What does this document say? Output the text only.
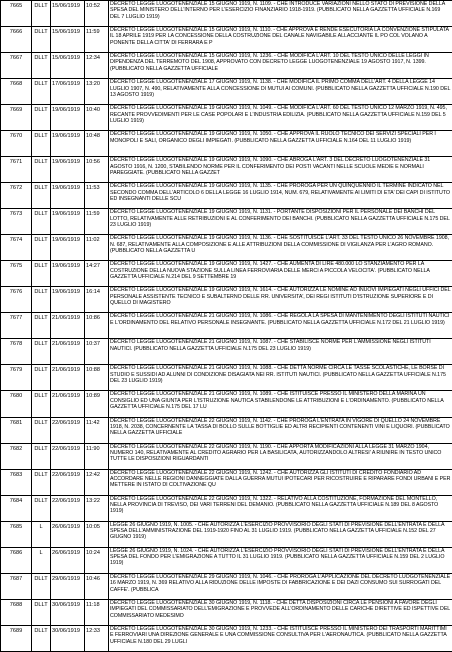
7665	DLLT	15/06/1919	10:52	DECRETO LEGGE LUOGOTENENZIALE 15 GIUGNO 1919, N. 1109. - CHE INTRODUCE VARIAZIONI NELLO STATO DI PREVISIONE DELLA SPESA DEL MINISTERO DELL'INTERNO PER L'ESERCIZIO FINANZIARIO 1918-1919. (PUBBLICATO NELLA GAZZETTA UFFICIALE N.169 DEL 7 LUGLIO 1919)
7666	DLLT	15/06/1919	11:59	DECRETO LEGGE LUOGOTENENZIALE 15 GIUGNO 1919, N. 1110. - CHE APPROVA E RENDE ESECUTORIA LA CONVENZIONE STIPULATA IL 18 APRILE 1919 PER LA CONCESSIONE DELLA COSTRUZIONE DEL CANALE NAVIGABILE ALLACCIANTE IL PO COL VOLANO A PONENTE DELLA CITTA' DI FERRARA E P
7667	DLLT	15/06/1919	12:34	DECRETO LEGGE LUOGOTENENZIALE 15 GIUGNO 1919, N. 1236. - CHE MODIFICA L'ART. 10 DEL TESTO UNICO DELLE LEGGI IN DIPENDENZA DEL TERREMOTO DEL 1908, APPROVATO CON DECRETO LEGGE LUOGOTENENZIALE 19 AGOSTO 1917, N. 1399. (PUBBLICATO NELLA GAZZETTA UFFICIALE
7668	DLLT	17/06/1919	13:20	DECRETO LEGGE LUOGOTENENZIALE 17 GIUGNO 1919, N. 1138. - CHE MODIFICA IL PRIMO COMMA DELL'ART. 4 DELLA LEGGE 14 LUGLIO 1907, N. 490, RELATIVAMENTE ALLA CONCESSIONE DI MUTUI AI COMUNI. (PUBBLICATO NELLA GAZZETTA UFFICIALE N.190 DEL 13 AGOSTO 1919)
7669	DLLT	19/06/1919	10:40	DECRETO LEGGE LUOGOTENENZIALE 19 GIUGNO 1919, N. 1049. - CHE MODIFICA L'ART. 60 DEL TESTO UNICO 12 MARZO 1919, N. 495, RECANTE PROVVEDIMENTI PER LE CASE POPOLARI E L'INDUSTRIA EDILIZIA. (PUBBLICATO NELLA GAZZETTA UFFICIALE N.159 DEL 5 LUGLIO 1919)
7670	DLLT	19/06/1919	10:48	DECRETO LEGGE LUOGOTENENZIALE 19 GIUGNO 1919, N. 1050. - CHE APPROVA IL RUOLO TECNICO DEI SERVIZI SPECIALI PER I MONOPOLI E SALI, ORGANICO DEGLI IMPIEGATI. (PUBBLICATO NELLA GAZZETTA UFFICIALE N.164 DEL 11 LUGLIO 1919)
7671	DLLT	19/06/1919	10:56	DECRETO LEGGE LUOGOTENENZIALE 19 GIUGNO 1919, N. 1090. - CHE ABROGA L'ART. 3 DEL DECRETO LUOGOTENENZIALE 31 AGOSTO 1916, N. 1200, STABILENDO NORME PER IL CONFERIMENTO DEI POSTI VACANTI NELLE SCUOLE MEDIE E NORMALI PAREGGIATE. (PUBBLICATO NELLA GAZZET
7672	DLLT	19/06/1919	11:53	DECRETO LEGGE LUOGOTENENZIALE 19 GIUGNO 1919, N. 1135. - CHE PROROGA PER UN QUINQUENNIO IL TERMINE INDICATO NEL SECONDO COMMA DELL'ARTICOLO 6 DELLA LEGGE 16 LUGLIO 1914, NUM. 679, RELATIVAMENTE AI LIMITI DI ETA' DEI CAPI DI ISTITUTO ED INSEGNANTI DELLE SCU
7673	DLLT	19/06/1919	11:59	DECRETO LEGGE LUOGOTENENZIALE 19 GIUGNO 1919, N. 1131. - PORTANTE DISPOSIZIONI PER IL PERSONALE DEI BANCHI DEL LOTTO, RELATIVAMENTE ALLE RETRIBUZIONI E AL CONFERIMENTO DEI BANCHI. (PUBBLICATO NELLA GAZZETTA UFFICIALE N.175 DEL 23 LUGLIO 1919)
7674	DLLT	19/06/1919	11:02	DECRETO LEGGE LUOGOTENENZIALE 19 GIUGNO 1919, N. 1136. - CHE SOSTITUISCE L'ART. 33 DEL TESTO UNICO 26 NOVEMBRE 1908, N. 687, RELATIVAMENTE ALLA COMPOSIZIONE E ALLE ATTRIBUZIONI DELLA COMMISSIONE DI VIGILANZA PER L'AGRO ROMANO. (PUBBLICATO NELLA GAZZETTA U
7675	DLLT	19/06/1919	14:27	DECRETO LEGGE LUOGOTENENZIALE 19 GIUGNO 1919, N. 1427. - CHE AUMENTA DI LIRE 480.000 LO STANZIAMENTO PER LA COSTRUZIONE DELLA NUOVA STAZIONE SULLA LINEA FERROVIARIA DELLE MERCI A PICCOLA VELOCITA'. (PUBBLICATO NELLA GAZZETTA UFFICIALE N.214 DEL 9 SETTEMBRE 19
7676	DLLT	19/06/1919	16:14	DECRETO LEGGE LUOGOTENENZIALE 19 GIUGNO 1919, N. 1614. - CHE AUTORIZZA LE NOMINE AD INUOVI IMPIEGATI NEGLI UFFICI DEL PERSONALE ASSISTENTE TECNICO E SUBALTERNO DELLE RR. UNIVERSITA', DEI REGI ISTITUTI D'ISTRUZIONE SUPERIORE E DI QUELLO DI MAGISTERO
7677	DLLT	21/06/1919	10:86	DECRETO LEGGE LUOGOTENENZIALE 21 GIUGNO 1919, N. 1086. - CHE REGOLA LA SPESA DI MANTENIMENTO DEGLI ISTITUTI NAUTICI E L'ORDINAMENTO DEL RELATIVO PERSONALE INSEGNANTE. (PUBBLICATO NELLA GAZZETTA UFFICIALE N.172 DEL 21 LUGLIO 1919)
7678	DLLT	21/06/1919	10:37	DECRETO LEGGE LUOGOTENENZIALE 21 GIUGNO 1919, N. 1087. - CHE STABILISCE NORME PER L'AMMISSIONE NEGLI ISTITUTI NAUTICI. (PUBBLICATO NELLA GAZZETTA UFFICIALE N.175 DEL 23 LUGLIO 1919)
7679	DLLT	21/06/1919	10:88	DECRETO LEGGE LUOGOTENENZIALE 21 GIUGNO 1919, N. 1088. - CHE DETTA NORME CIRCA LE TASSE SCOLASTICHE, LE BORSE DI STUDIO E SUSSIDI AD ALUNNI DI CONDIZIONE DISAGIATA NEI RR. ISTITUTI NAUTICI. (PUBBLICATO NELLA GAZZETTA UFFICIALE N.175 DEL 23 LUGLIO 1919)
7680	DLLT	21/06/1919	10:89	DECRETO LEGGE LUOGOTENENZIALE 21 GIUGNO 1919, N. 1089. - CHE ISTITUISCE PRESSO IL MINISTERO DELLA MARINA UN CONSIGLIO ED UNA GIUNTA PER L'ISTRUZIONE NAUTICA STABILENDONE LE ATTRIBUZIONI E L'ORDINAMENTO. (PUBBLICATO NELLA GAZZETTA UFFICIALE N.175 DEL 17 LU
7681	DLLT	22/06/1919	11:42	DECRETO LEGGE LUOGOTENENZIALE 22 GIUGNO 1919, N. 1142. - CHE PROROGA L'ENTRATA IN VIGORE DI QUELLO 24 NOVEMBRE 1918, N. 2038, CONCERNENTE LA TASSA DI BOLLO SULLE BOTTIGLIE ED ALTRI RECIPIENTI CONTENENTI VINI E LIQUORI. (PUBBLICATO NELLA GAZZETTA UFFICIALE
7682	DLLT	22/06/1919	11:90	DECRETO LEGGE LUOGOTENENZIALE 22 GIUGNO 1919, N. 1190. - CHE APPORTA MODIFICAZIONI ALLA LEGGE 31 MARZO 1904, NUMERO 140, RELATIVAMENTE AL CREDITO AGRARIO PER LA BASILICATA, AUTORIZZANDOLO ALTRESI' A RIUNIRE IN TESTO UNICO TUTTE LE DISPOSIZIONI RIGUARDANTI
7683	DLLT	22/06/1919	12:42	DECRETO LEGGE LUOGOTENENZIALE 22 GIUGNO 1919, N. 1242. - CHE AUTORIZZA GLI ISTITUTI DI CREDITO FONDIARIO AD ACCORDARE NELLE REGIONI DANNEGGIATE DALLA GUERRA MUTUI IPOTECARI PER RICOSTRUIRE E RIPARARE FONDI URBANI E PER METTERE IN ISTATO DI COLTIVAZIONE QU
7684	DLLT	22/06/1919	13:22	DECRETO LEGGE LUOGOTENENZIALE 22 GIUGNO 1919, N. 1322. - RELATIVO ALLA COSTITUZIONE, FORMAZIONE DEL MONTELLO, NELLA PROVINCIA DI TREVISO, DEI VARI TERRENI DEL DEMANIO. (PUBBLICATO NELLA GAZZETTA UFFICIALE N.189 DEL 8 AGOSTO 1919)
7685	L	26/06/1919	10:05	LEGGE 26 GIUGNO 1919, N. 1005. - CHE AUTORIZZA L'ESERCIZIO PROVVISORIO DEGLI STATI DI PREVISIONE DELL'ENTRATA E DELLA SPESA DELL'AMMINISTRAZIONE DEL 1919-1920 FINO AL 31 LUGLIO 1919. (PUBBLICATO NELLA GAZZETTA UFFICIALE N.152 DEL 27 GIUGNO 1919)
7686	L	26/06/1919	10:24	LEGGE 26 GIUGNO 1919, N. 1024. - CHE AUTORIZZA L'ESERCIZIO PROVVISORIO DEGLI STATI DI PREVISIONE DELL'ENTRATA E DELLA SPESA DEL FONDO PER L'EMIGRAZIONE A TUTTO IL 31 LUGLIO 1919. (PUBBLICATO NELLA GAZZETTA UFFICIALE N.159 DEL 2 LUGLIO 1919)
7687	DLLT	29/06/1919	10:46	DECRETO LEGGE LUOGOTENENZIALE 29 GIUGNO 1919, N. 1046. - CHE PROROGA L'APPLICAZIONE DEL DECRETO LUOGOTENENZIALE 16 MARZO 1919, N. 369 RELATIVO ALLA RIDUZIONE DELLE IMPOSTE DI FABBRICAZIONE E DEI DAZI CONSUMO SUI SURROGATI DEL CAFFE'. (PUBBLICA
7688	DLLT	30/06/1919	11:18	DECRETO LEGGE LUOGOTENENZIALE 30 GIUGNO 1919, N. 1118. - CHE DETTA DISPOSIZIONI CIRCA LE PENSIONI A FAVORE DEGLI IMPIEGATI DEL COMMISSARIATO DELL'EMIGRAZIONE E PROVVEDE ALL'ORDINAMENTO DELLE CARICHE DIRETTIVE ED ISPETTIVE DEL COMMISSARIATO MEDESIMO
7689	DLLT	30/06/1919	12:33	DECRETO LEGGE LUOGOTENENZIALE 30 GIUGNO 1919, N. 1233. - CHE ISTITUISCE PRESSO IL MINISTERO DEI TRASPORTI MARITTIMI E FERROVIARI UNA DIREZIONE GENERALE E UNA COMMISSIONE CONSULTIVA PER L'AERONAUTICA. (PUBBLICATO NELLA GAZZETTA UFFICIALE N.180 DEL 29 LUGLI
